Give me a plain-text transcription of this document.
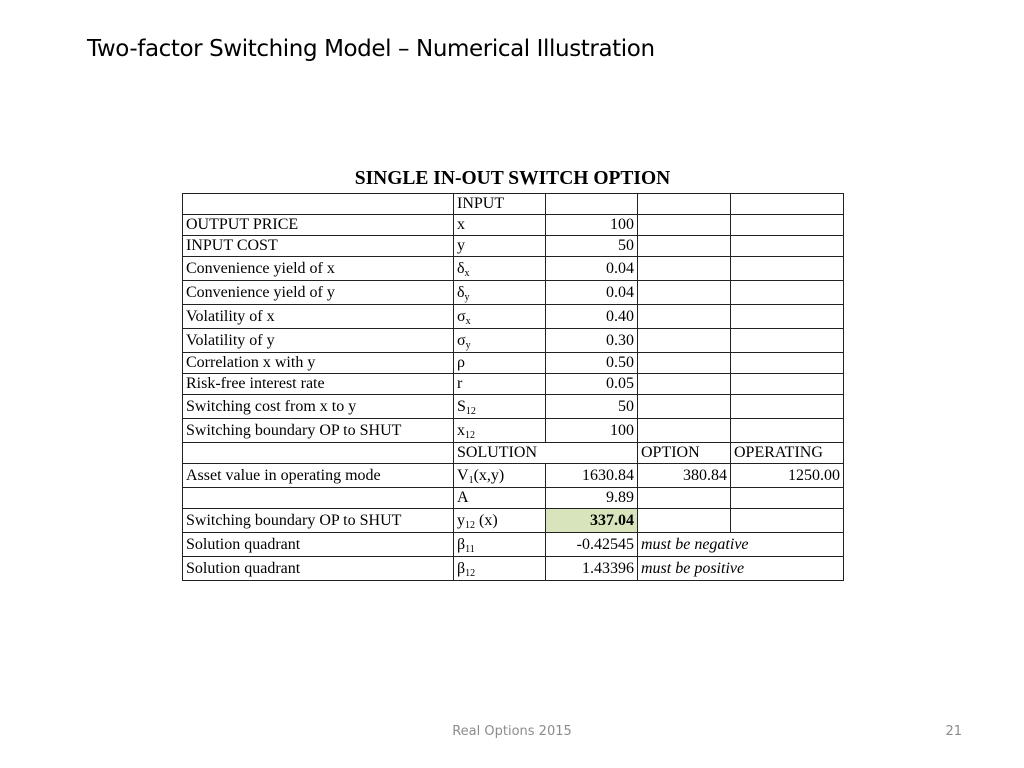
Two-factor Switching Model – Numerical Illustration
SINGLE IN-OUT SWITCH OPTION
	INPUT			
OUTPUT PRICE	x	100		
INPUT COST	y	50		
Convenience yield of x	$\delta_x$	0.04		
Convenience yield of y	$\delta_y$	0.04		
Volatility of x	$\sigma_x$	0.40		
Volatility of y	$\sigma_y$	0.30		
Correlation x with y	ρ	0.50		
Risk-free interest rate	r	0.05		
Switching cost from x to y	$S_{12}$	50		
Switching boundary OP to SHUT	$x_{12}$	100		
	SOLUTION		OPTION	OPERATING
Asset value in operating mode	$V_1(x,y)$	1630.84	380.84	1250.00
	A	9.89		
Switching boundary OP to SHUT	$y_{12}$ (x)	337.04		
Solution quadrant	$\beta_{11}$	-0.42545	must be negative	
Solution quadrant	$\beta_{12}$	1.43396	must be positive	
Real Options 2015	21
